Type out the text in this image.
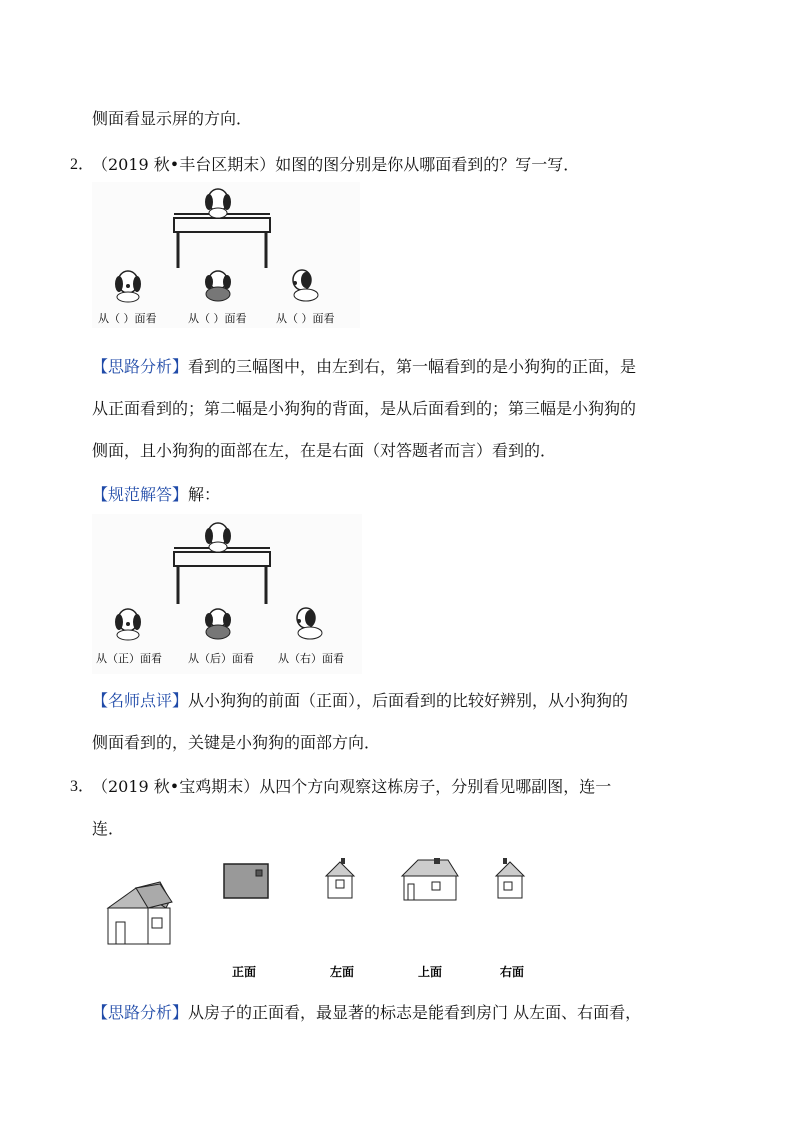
侧面看显示屏的方向．
2．
（2019 秋•丰台区期末）如图的图分别是你从哪面看到的？写一写．
从（ ）面看	从（ ）面看	从（ ）面看
【思路分析】看到的三幅图中，由左到右，第一幅看到的是小狗狗的正面，是
从正面看到的；第二幅是小狗狗的背面，是从后面看到的；第三幅是小狗狗的
侧面，且小狗狗的面部在左，在是右面（对答题者而言）看到的．
【规范解答】解：
从（正）面看 从（后）面看 从（右）面看
【名师点评】从小狗狗的前面（正面），后面看到的比较好辨别，从小狗狗的
侧面看到的，关键是小狗狗的面部方向．
3．
（2019 秋•宝鸡期末）从四个方向观察这栋房子，分别看见哪副图，连一
连．
正面	左面	上面	右面
【思路分析】从房子的正面看，最显著的标志是能看到房门 从左面、右面看，
